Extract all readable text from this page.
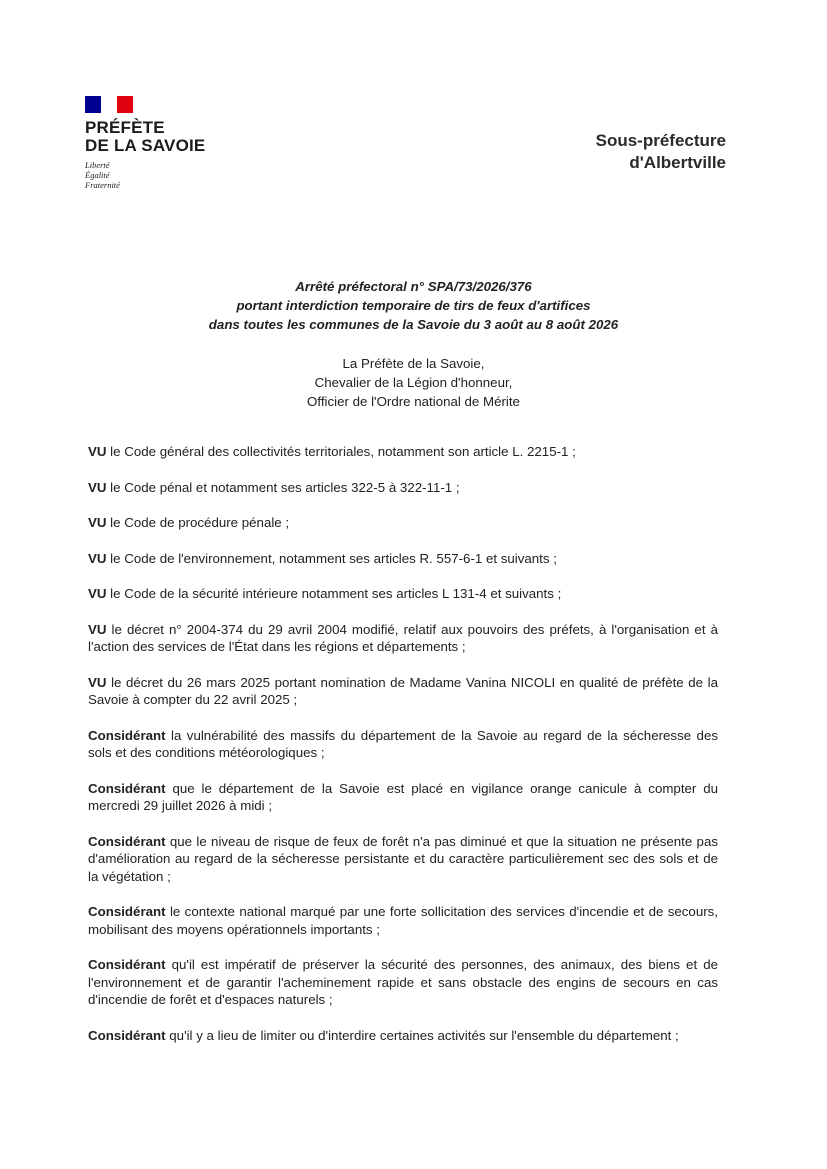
PRÉFÈTE
DE LA SAVOIE
Liberté
Égalité
Fraternité
Sous-préfecture
d'Albertville
Arrêté préfectoral n° SPA/73/2026/376
portant interdiction temporaire de tirs de feux d'artifices
dans toutes les communes de la Savoie du 3 août au 8 août 2026
La Préfète de la Savoie,
Chevalier de la Légion d'honneur,
Officier de l'Ordre national de Mérite

VU le Code général des collectivités territoriales, notamment son article L. 2215-1 ;

VU le Code pénal et notamment ses articles 322-5 à 322-11-1 ;

VU le Code de procédure pénale ;

VU le Code de l'environnement, notamment ses articles R. 557-6-1 et suivants ;

VU le Code de la sécurité intérieure notamment ses articles L 131-4 et suivants ;

VU le décret n° 2004-374 du 29 avril 2004 modifié, relatif aux pouvoirs des préfets, à l'organisation et à l'action des services de l'État dans les régions et départements ;

VU le décret du 26 mars 2025 portant nomination de Madame Vanina NICOLI en qualité de préfète de la Savoie à compter du 22 avril 2025 ;

Considérant la vulnérabilité des massifs du département de la Savoie au regard de la sécheresse des sols et des conditions météorologiques ;

Considérant que le département de la Savoie est placé en vigilance orange canicule à compter du mercredi 29 juillet 2026 à midi ;

Considérant que le niveau de risque de feux de forêt n'a pas diminué et que la situation ne présente pas d'amélioration au regard de la sécheresse persistante et du caractère particulièrement sec des sols et de la végétation ;

Considérant le contexte national marqué par une forte sollicitation des services d'incendie et de secours, mobilisant des moyens opérationnels importants ;

Considérant qu'il est impératif de préserver la sécurité des personnes, des animaux, des biens et de l'environnement et de garantir l'acheminement rapide et sans obstacle des engins de secours en cas d'incendie de forêt et d'espaces naturels ;

Considérant qu'il y a lieu de limiter ou d'interdire certaines activités sur l'ensemble du département ;
